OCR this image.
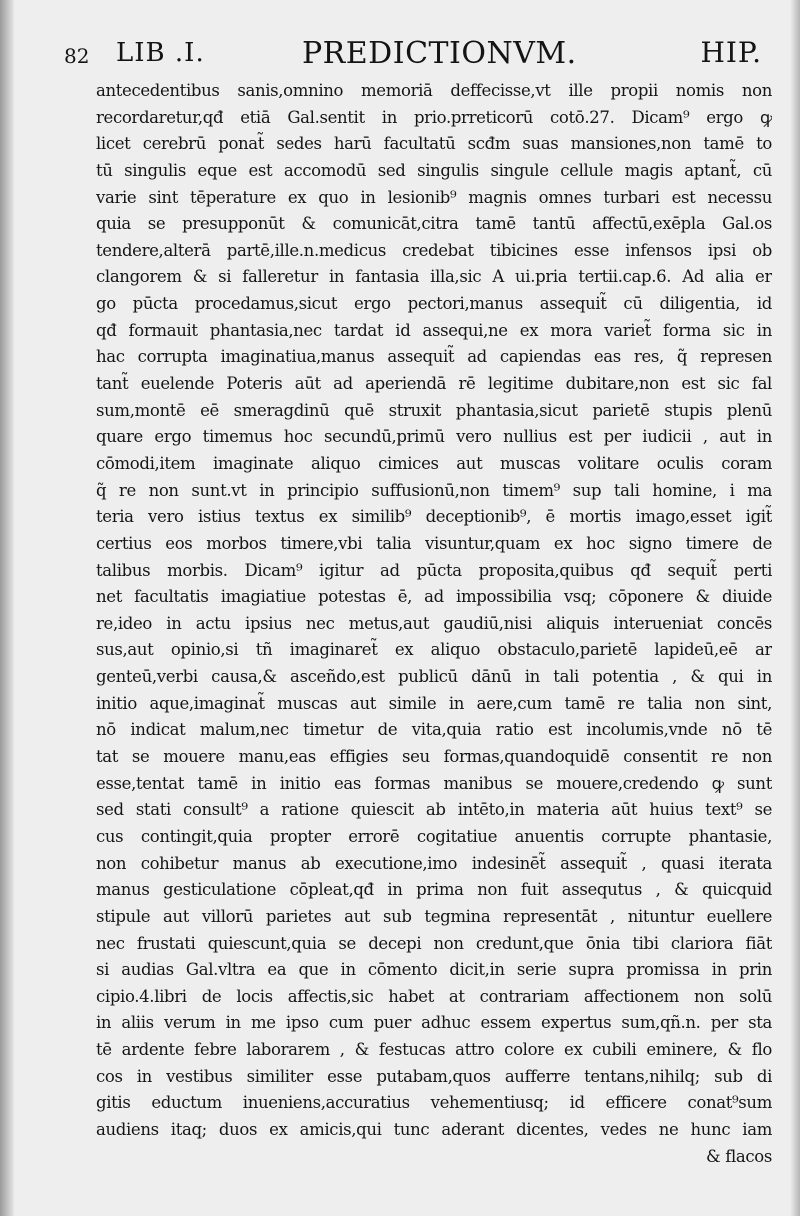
82 LIB .I.	PREDICTIONVM.	HIP.
antecedentibus sanis,omnino memoriā deffecisse,vt ille propii nomis non
recordaretur,qđ etiā Gal.sentit in prio.prreticorū cotō.27. Dicam⁹ ergo ꝙ
licet cerebrū ponat̃ sedes harū facultatū scđm suas mansiones,non tamē to
tū singulis eque est accomodū sed singulis singule cellule magis aptant̃, cū
varie sint tēperature ex quo in lesionib⁹ magnis omnes turbari est necessu
quia se presupponūt & comunicāt,citra tamē tantū affectū,exēpla Gal.os
tendere,alterā partē,ille.n.medicus credebat tibicines esse infensos ipsi ob
clangorem & si falleretur in fantasia illa,sic A ui.pria tertii.cap.6. Ad alia er
go pūcta procedamus,sicut ergo pectori,manus assequit̃ cū diligentia, id
qđ formauit phantasia,nec tardat id assequi,ne ex mora variet̃ forma sic in
hac corrupta imaginatiua,manus assequit̃ ad capiendas eas res, q̃ represen
tant̃ euelende Poteris aūt ad aperiendā rē legitime dubitare,non est sic fal
sum,montē eē smeragdinū quē struxit phantasia,sicut parietē stupis plenū
quare ergo timemus hoc secundū,primū vero nullius est per iudicii , aut in
cōmodi,item imaginate aliquo cimices aut muscas volitare oculis coram
q̃ re non sunt.vt in principio suffusionū,non timem⁹ sup tali homine, i ma
teria vero istius textus ex similib⁹ deceptionib⁹, ē mortis imago,esset igit̃
certius eos morbos timere,vbi talia visuntur,quam ex hoc signo timere de
talibus morbis. Dicam⁹ igitur ad pūcta proposita,quibus qđ sequit̃ perti
net facultatis imagiatiue potestas ē, ad impossibilia vsq; cōponere & diuide
re,ideo in actu ipsius nec metus,aut gaudiū,nisi aliquis interueniat concēs
sus,aut opinio,si tñ imaginaret̃ ex aliquo obstaculo,parietē lapideū,eē ar
genteū,verbi causa,& asceñdo,est publicū dānū in tali potentia , & qui in
initio aque,imaginat̃ muscas aut simile in aere,cum tamē re talia non sint,
nō indicat malum,nec timetur de vita,quia ratio est incolumis,vnde nō tē
tat se mouere manu,eas effigies seu formas,quandoquidē consentit re non
esse,tentat tamē in initio eas formas manibus se mouere,credendo ꝙ sunt
sed stati consult⁹ a ratione quiescit ab intēto,in materia aūt huius text⁹ se
cus contingit,quia propter errorē cogitatiue anuentis corrupte phantasie,
non cohibetur manus ab executione,imo indesinēt̃ assequit̃ , quasi iterata
manus gesticulatione cōpleat,qđ in prima non fuit assequtus , & quicquid
stipule aut villorū parietes aut sub tegmina representāt , nituntur euellere
nec frustati quiescunt,quia se decepi non credunt,que ōnia tibi clariora fiāt
si audias Gal.vltra ea que in cōmento dicit,in serie supra promissa in prin
cipio.4.libri de locis affectis,sic habet at contrariam affectionem non solū
in aliis verum in me ipso cum puer adhuc essem expertus sum,qñ.n. per sta
tē ardente febre laborarem , & festucas attro colore ex cubili eminere, & flo
cos in vestibus similiter esse putabam,quos aufferre tentans,nihilq; sub di
gitis eductum inueniens,accuratius vehementiusq; id efficere conat⁹sum
audiens itaq; duos ex amicis,qui tunc aderant dicentes, vedes ne hunc iam
& flacos
